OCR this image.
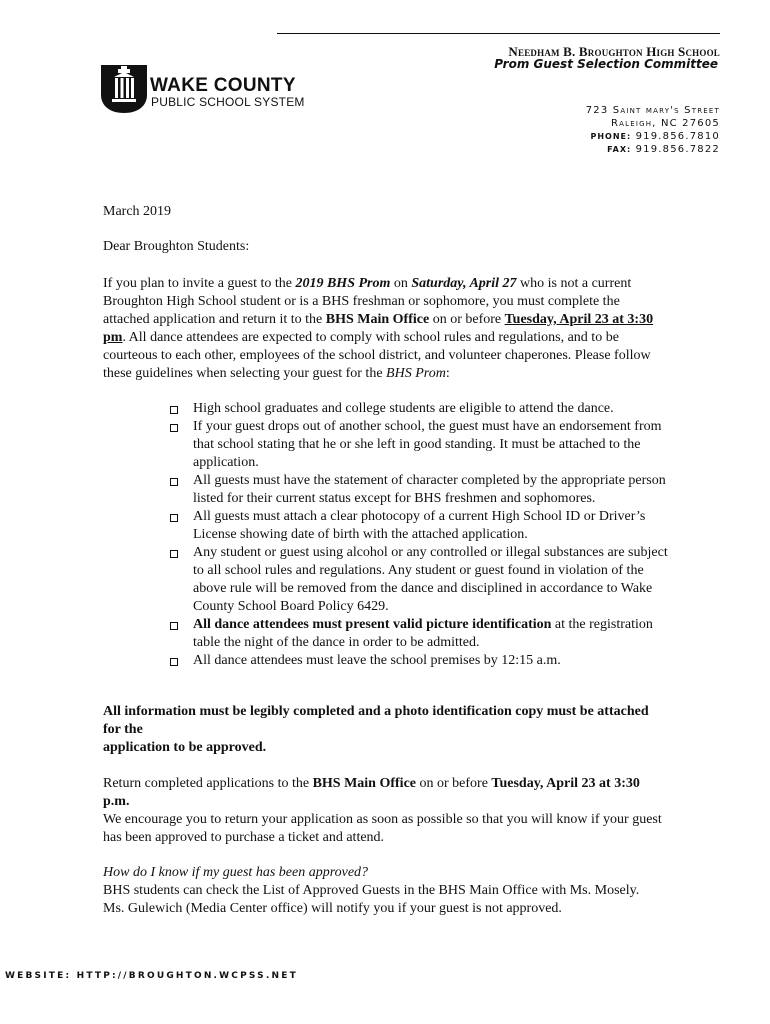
Needham B. Broughton High School
Prom Guest Selection Committee
WAKE COUNTY
PUBLIC SCHOOL SYSTEM
723 Saint mary's Street
Raleigh, NC 27605
PHONE: 919.856.7810
FAX: 919.856.7822
March 2019
Dear Broughton Students:

If you plan to invite a guest to the 2019 BHS Prom on Saturday, April 27 who is not a current Broughton High School student or is a BHS freshman or sophomore, you must complete the attached application and return it to the BHS Main Office on or before Tuesday, April 23 at 3:30 pm. All dance attendees are expected to comply with school rules and regulations, and to be courteous to each other, employees of the school district, and volunteer chaperones. Please follow these guidelines when selecting your guest for the BHS Prom:

High school graduates and college students are eligible to attend the dance.
If your guest drops out of another school, the guest must have an endorsement from that school stating that he or she left in good standing. It must be attached to the application.
All guests must have the statement of character completed by the appropriate person listed for their current status except for BHS freshmen and sophomores.
All guests must attach a clear photocopy of a current High School ID or Driver’s License showing date of birth with the attached application.
Any student or guest using alcohol or any controlled or illegal substances are subject to all school rules and regulations. Any student or guest found in violation of the above rule will be removed from the dance and disciplined in accordance to Wake County School Board Policy 6429.
All dance attendees must present valid picture identification at the registration table the night of the dance in order to be admitted.
All dance attendees must leave the school premises by 12:15 a.m.
All information must be legibly completed and a photo identification copy must be attached for the
application to be approved.
Return completed applications to the BHS Main Office on or before Tuesday, April 23 at 3:30 p.m.
We encourage you to return your application as soon as possible so that you will know if your guest has been approved to purchase a ticket and attend.
How do I know if my guest has been approved?
BHS students can check the List of Approved Guests in the BHS Main Office with Ms. Mosely.
Ms. Gulewich (Media Center office) will notify you if your guest is not approved.
WEBSITE: HTTP://BROUGHTON.WCPSS.NET
